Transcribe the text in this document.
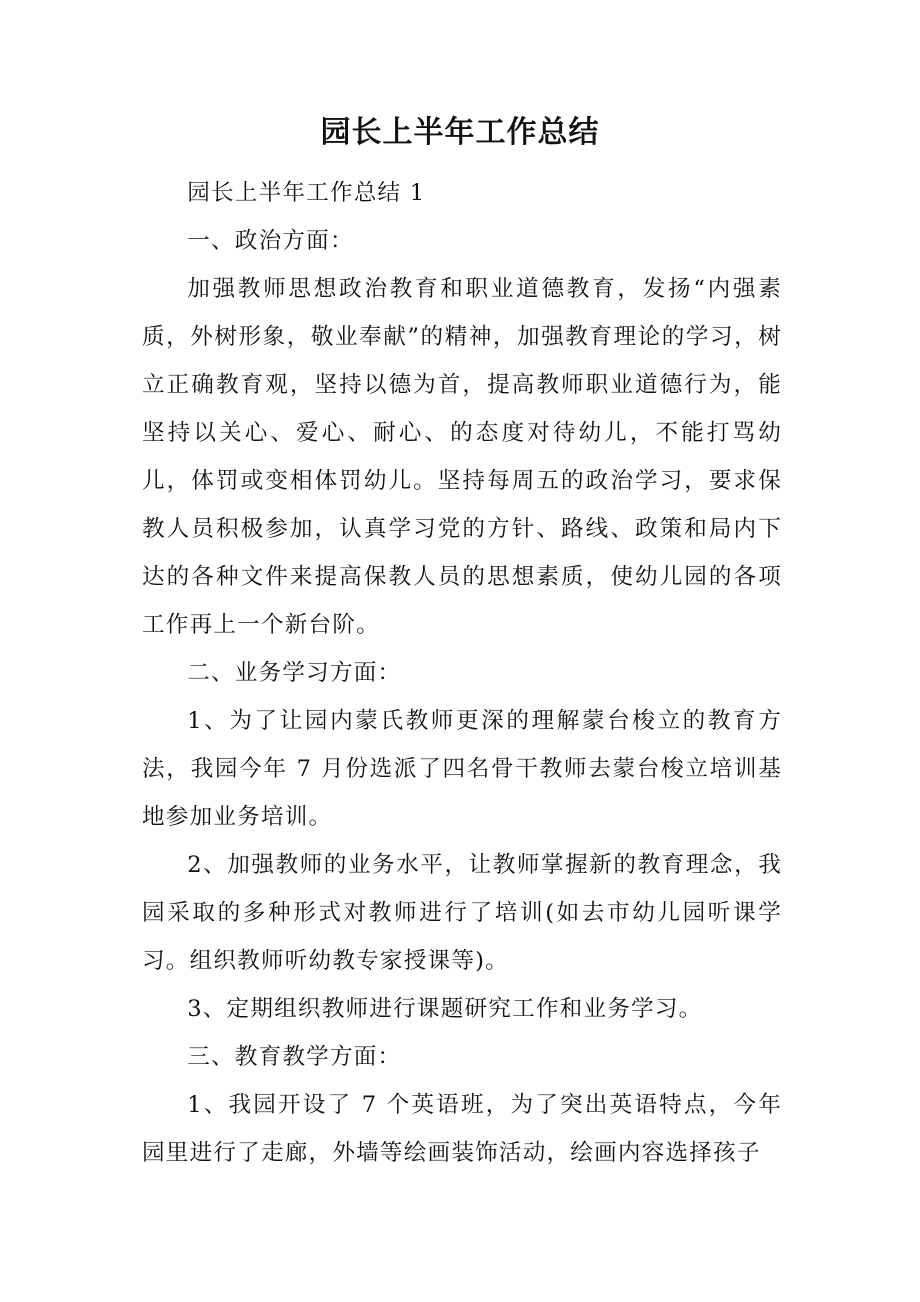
园长上半年工作总结

园长上半年工作总结 1

一、政治方面：

加强教师思想政治教育和职业道德教育，发扬“内强素质，外树形象，敬业奉献”的精神，加强教育理论的学习，树立正确教育观，坚持以德为首，提高教师职业道德行为，能坚持以关心、爱心、耐心、的态度对待幼儿，不能打骂幼儿，体罚或变相体罚幼儿。坚持每周五的政治学习，要求保教人员积极参加，认真学习党的方针、路线、政策和局内下达的各种文件来提高保教人员的思想素质，使幼儿园的各项工作再上一个新台阶。

二、业务学习方面：

1、为了让园内蒙氏教师更深的理解蒙台梭立的教育方法，我园今年 7 月份选派了四名骨干教师去蒙台梭立培训基地参加业务培训。

2、加强教师的业务水平，让教师掌握新的教育理念，我园采取的多种形式对教师进行了培训(如去市幼儿园听课学习。组织教师听幼教专家授课等)。

3、定期组织教师进行课题研究工作和业务学习。

三、教育教学方面：

1、我园开设了 7 个英语班，为了突出英语特点，今年园里进行了走廊，外墙等绘画装饰活动，绘画内容选择孩子
